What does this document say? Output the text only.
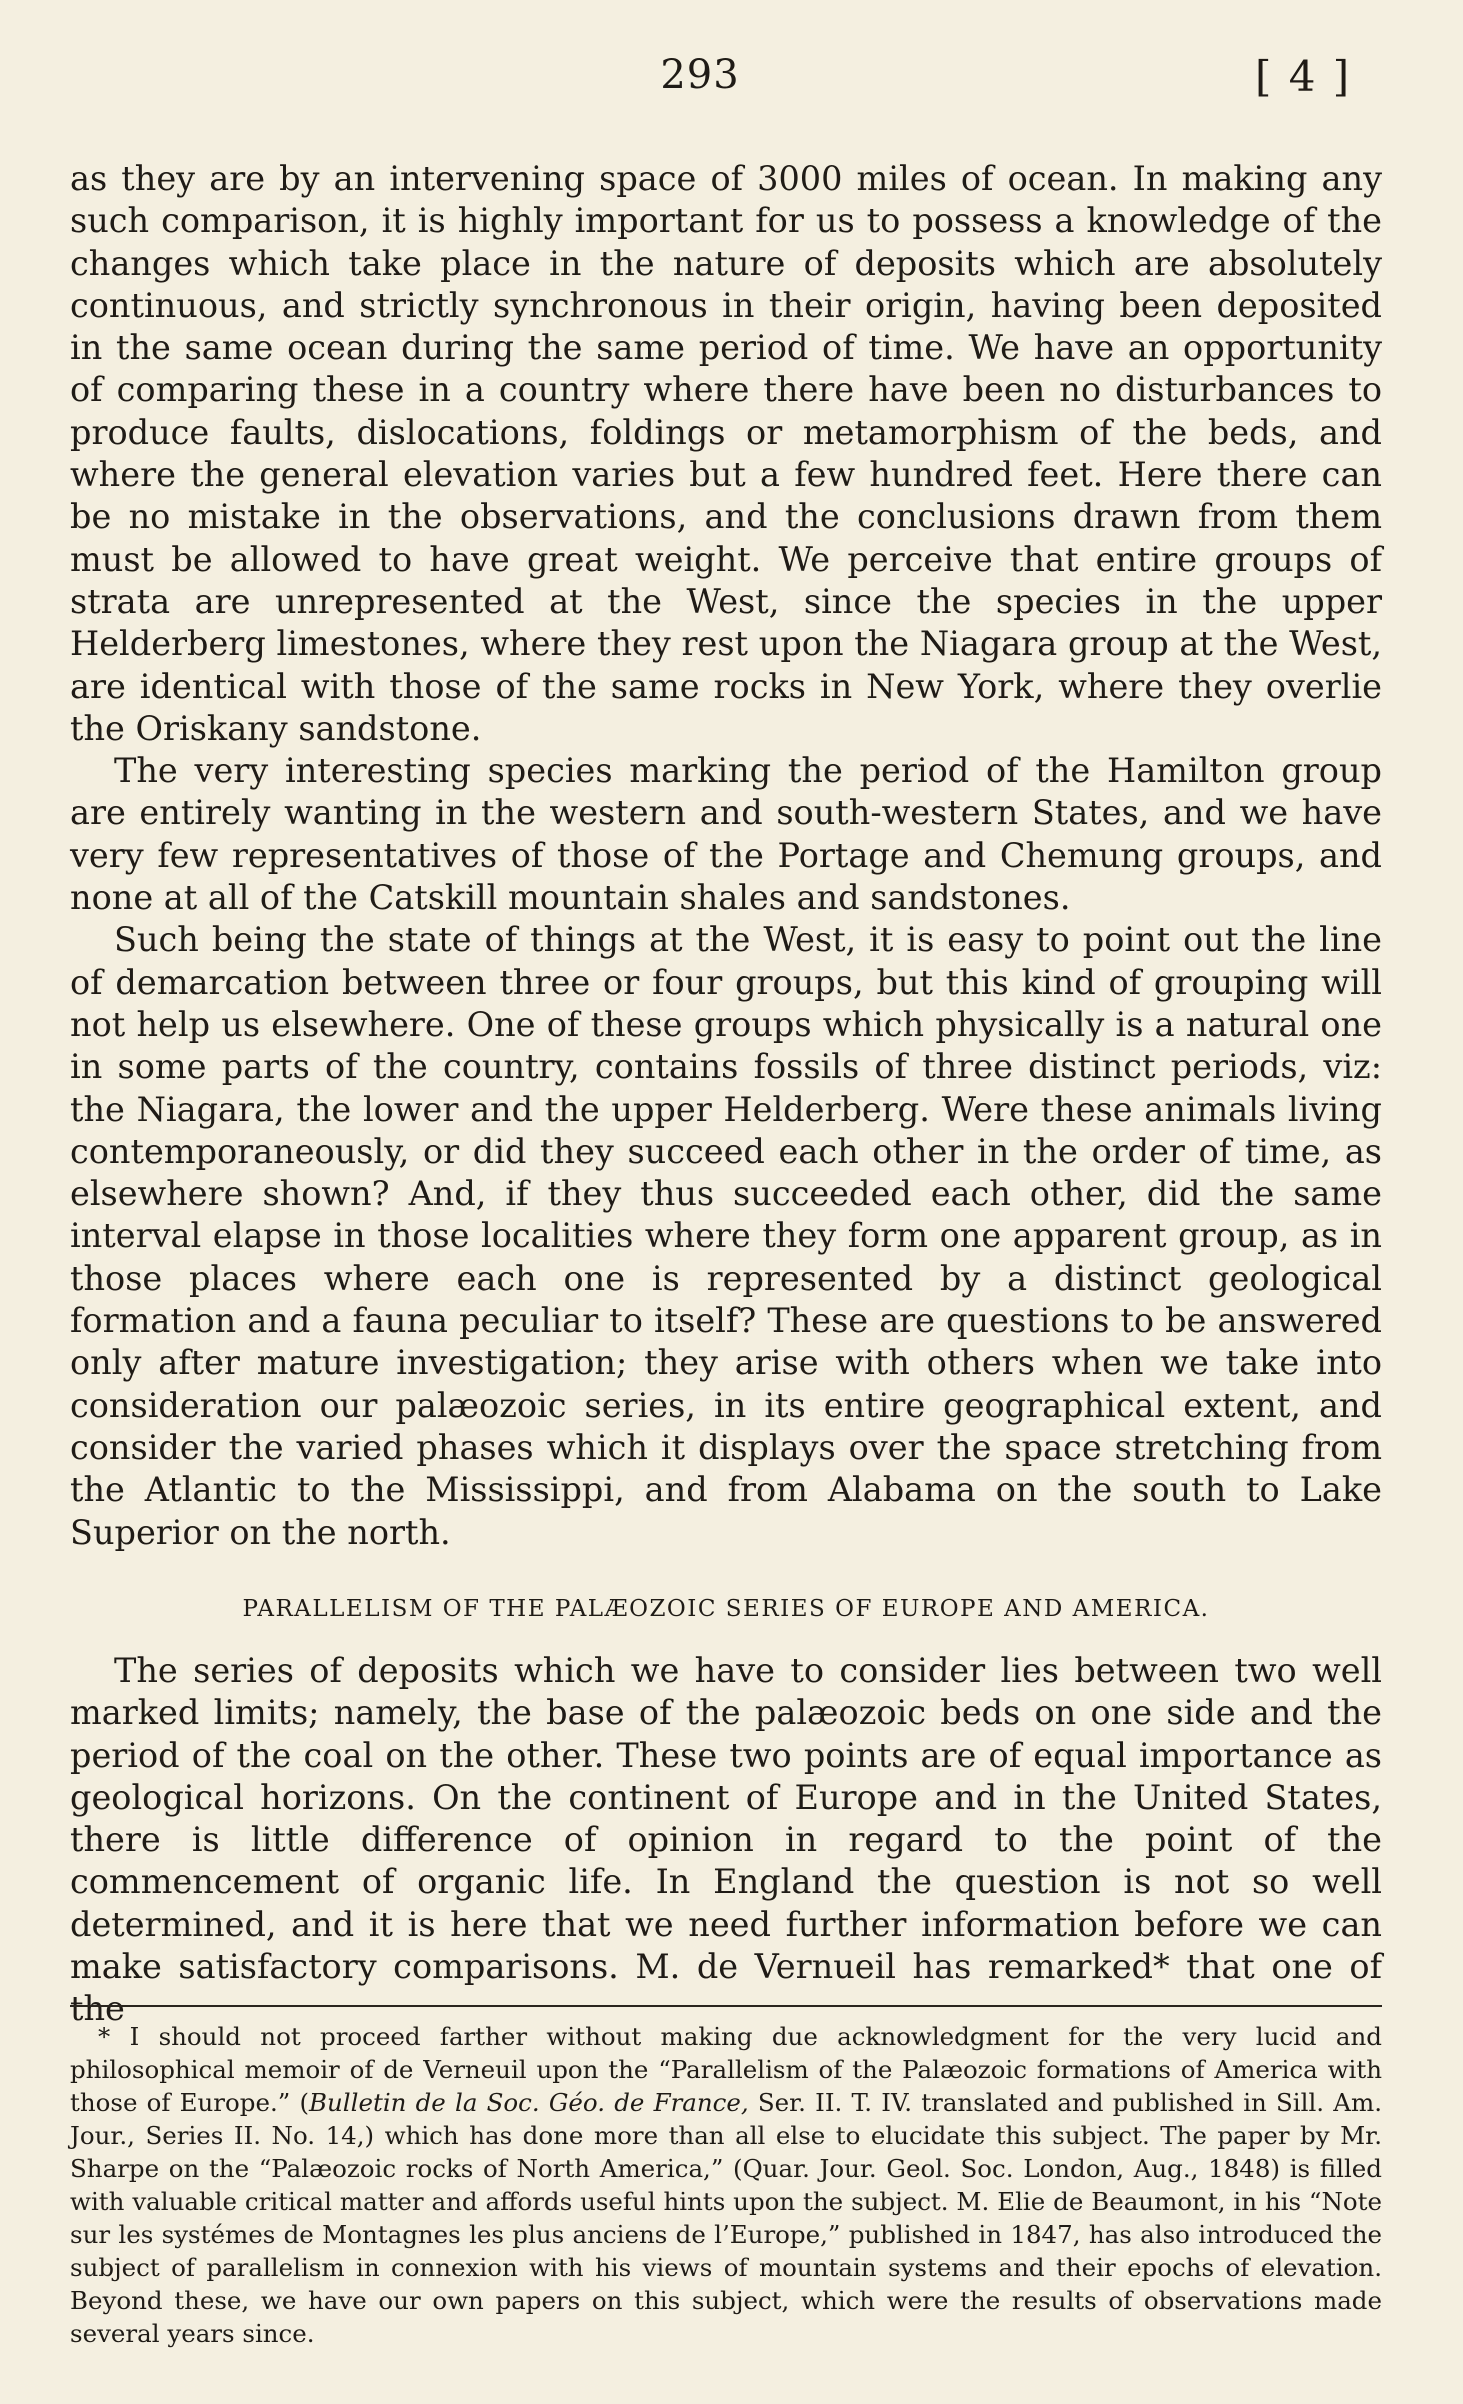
293	[ 4 ]

as they are by an intervening space of 3000 miles of ocean. In making any such comparison, it is highly important for us to possess a knowledge of the changes which take place in the nature of deposits which are absolutely continuous, and strictly synchronous in their origin, having been deposited in the same ocean during the same period of time. We have an opportunity of comparing these in a country where there have been no disturbances to produce faults, dislocations, foldings or metamorphism of the beds, and where the general elevation varies but a few hundred feet. Here there can be no mistake in the observations, and the conclusions drawn from them must be allowed to have great weight. We perceive that entire groups of strata are unrepresented at the West, since the species in the upper Helderberg limestones, where they rest upon the Niagara group at the West, are identical with those of the same rocks in New York, where they overlie the Oriskany sandstone.

The very interesting species marking the period of the Hamilton group are entirely wanting in the western and south-western States, and we have very few representatives of those of the Portage and Chemung groups, and none at all of the Catskill mountain shales and sandstones.

Such being the state of things at the West, it is easy to point out the line of demarcation between three or four groups, but this kind of grouping will not help us elsewhere. One of these groups which physically is a natural one in some parts of the country, contains fossils of three distinct periods, viz: the Niagara, the lower and the upper Helderberg. Were these animals living contemporaneously, or did they succeed each other in the order of time, as elsewhere shown? And, if they thus succeeded each other, did the same interval elapse in those localities where they form one apparent group, as in those places where each one is represented by a distinct geological formation and a fauna peculiar to itself? These are questions to be answered only after mature investigation; they arise with others when we take into consideration our palæozoic series, in its entire geographical extent, and consider the varied phases which it displays over the space stretching from the Atlantic to the Mississippi, and from Alabama on the south to Lake Superior on the north.

PARALLELISM OF THE PALÆOZOIC SERIES OF EUROPE AND AMERICA.

The series of deposits which we have to consider lies between two well marked limits; namely, the base of the palæozoic beds on one side and the period of the coal on the other. These two points are of equal importance as geological horizons. On the continent of Europe and in the United States, there is little difference of opinion in regard to the point of the commencement of organic life. In England the question is not so well determined, and it is here that we need further information before we can make satisfactory comparisons. M. de Vernueil has remarked* that one of the

* I should not proceed farther without making due acknowledgment for the very lucid and philosophical memoir of de Verneuil upon the “Parallelism of the Palæozoic formations of America with those of Europe.” (Bulletin de la Soc. Géo. de France, Ser. II. T. IV. translated and published in Sill. Am. Jour., Series II. No. 14,) which has done more than all else to elucidate this subject. The paper by Mr. Sharpe on the “Palæozoic rocks of North America,” (Quar. Jour. Geol. Soc. London, Aug., 1848) is filled with valuable critical matter and affords useful hints upon the subject. M. Elie de Beaumont, in his “Note sur les systémes de Montagnes les plus anciens de l’Europe,” published in 1847, has also introduced the subject of parallelism in connexion with his views of mountain systems and their epochs of elevation. Beyond these, we have our own papers on this subject, which were the results of observations made several years since.
